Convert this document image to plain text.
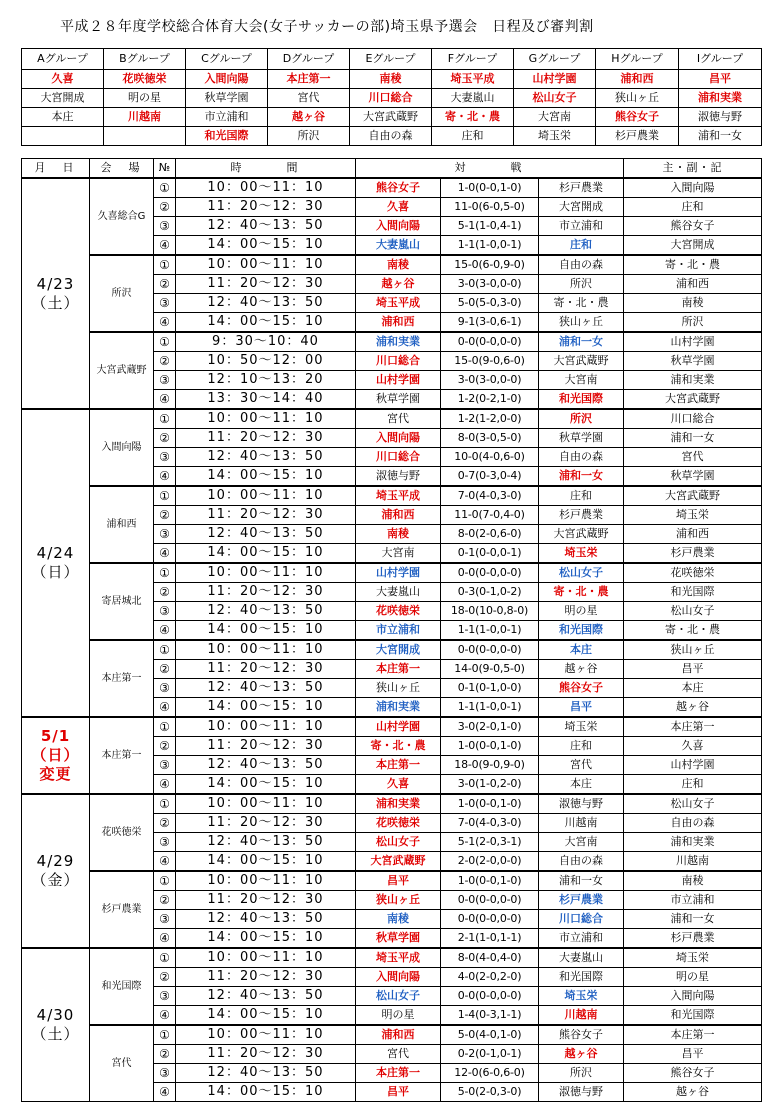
平成２８年度学校総合体育大会(女子サッカーの部)埼玉県予選会　日程及び審判割
Aグループ	Bグループ	Cグループ	Dグループ	Eグループ	Fグループ	Gグループ	Hグループ	Iグループ
久喜	花咲徳栄	入間向陽	本庄第一	南稜	埼玉平成	山村学園	浦和西	昌平
大宮開成	明の星	秋草学園	宮代	川口総合	大妻嵐山	松山女子	狭山ヶ丘	浦和実業
本庄	川越南	市立浦和	越ヶ谷	大宮武蔵野	寄・北・農	大宮南	熊谷女子	淑徳与野
		和光国際	所沢	自由の森	庄和	埼玉栄	杉戸農業	浦和一女
月　日	会　場	№	時　　　間	対　　　戦			主・副・記
4/23
（土）	久喜総合G	①	10：00～11：10	熊谷女子	1-0(0-0,1-0)	杉戸農業	入間向陽
		②	11：20～12：30	久喜	11-0(6-0,5-0)	大宮開成	庄和
		③	12：40～13：50	入間向陽	5-1(1-0,4-1)	市立浦和	熊谷女子
		④	14：00～15：10	大妻嵐山	1-1(1-0,0-1)	庄和	大宮開成
	所沢	①	10：00～11：10	南稜	15-0(6-0,9-0)	自由の森	寄・北・農
		②	11：20～12：30	越ヶ谷	3-0(3-0,0-0)	所沢	浦和西
		③	12：40～13：50	埼玉平成	5-0(5-0,3-0)	寄・北・農	南稜
		④	14：00～15：10	浦和西	9-1(3-0,6-1)	狭山ヶ丘	所沢
	大宮武蔵野	①	9：30～10：40	浦和実業	0-0(0-0,0-0)	浦和一女	山村学園
		②	10：50～12：00	川口総合	15-0(9-0,6-0)	大宮武蔵野	秋草学園
		③	12：10～13：20	山村学園	3-0(3-0,0-0)	大宮南	浦和実業
		④	13：30～14：40	秋草学園	1-2(0-2,1-0)	和光国際	大宮武蔵野
4/24
（日）	入間向陽	①	10：00～11：10	宮代	1-2(1-2,0-0)	所沢	川口総合
		②	11：20～12：30	入間向陽	8-0(3-0,5-0)	秋草学園	浦和一女
		③	12：40～13：50	川口総合	10-0(4-0,6-0)	自由の森	宮代
		④	14：00～15：10	淑徳与野	0-7(0-3,0-4)	浦和一女	秋草学園
	浦和西	①	10：00～11：10	埼玉平成	7-0(4-0,3-0)	庄和	大宮武蔵野
		②	11：20～12：30	浦和西	11-0(7-0,4-0)	杉戸農業	埼玉栄
		③	12：40～13：50	南稜	8-0(2-0,6-0)	大宮武蔵野	浦和西
		④	14：00～15：10	大宮南	0-1(0-0,0-1)	埼玉栄	杉戸農業
	寄居城北	①	10：00～11：10	山村学園	0-0(0-0,0-0)	松山女子	花咲徳栄
		②	11：20～12：30	大妻嵐山	0-3(0-1,0-2)	寄・北・農	和光国際
		③	12：40～13：50	花咲徳栄	18-0(10-0,8-0)	明の星	松山女子
		④	14：00～15：10	市立浦和	1-1(1-0,0-1)	和光国際	寄・北・農
	本庄第一	①	10：00～11：10	大宮開成	0-0(0-0,0-0)	本庄	狭山ヶ丘
		②	11：20～12：30	本庄第一	14-0(9-0,5-0)	越ヶ谷	昌平
		③	12：40～13：50	狭山ヶ丘	0-1(0-1,0-0)	熊谷女子	本庄
		④	14：00～15：10	浦和実業	1-1(1-0,0-1)	昌平	越ヶ谷
5/1
（日）
変更	本庄第一	①	10：00～11：10	山村学園	3-0(2-0,1-0)	埼玉栄	本庄第一
		②	11：20～12：30	寄・北・農	1-0(0-0,1-0)	庄和	久喜
		③	12：40～13：50	本庄第一	18-0(9-0,9-0)	宮代	山村学園
		④	14：00～15：10	久喜	3-0(1-0,2-0)	本庄	庄和
4/29
（金）	花咲徳栄	①	10：00～11：10	浦和実業	1-0(0-0,1-0)	淑徳与野	松山女子
		②	11：20～12：30	花咲徳栄	7-0(4-0,3-0)	川越南	自由の森
		③	12：40～13：50	松山女子	5-1(2-0,3-1)	大宮南	浦和実業
		④	14：00～15：10	大宮武蔵野	2-0(2-0,0-0)	自由の森	川越南
	杉戸農業	①	10：00～11：10	昌平	1-0(0-0,1-0)	浦和一女	南稜
		②	11：20～12：30	狭山ヶ丘	0-0(0-0,0-0)	杉戸農業	市立浦和
		③	12：40～13：50	南稜	0-0(0-0,0-0)	川口総合	浦和一女
		④	14：00～15：10	秋草学園	2-1(1-0,1-1)	市立浦和	杉戸農業
4/30
（土）	和光国際	①	10：00～11：10	埼玉平成	8-0(4-0,4-0)	大妻嵐山	埼玉栄
		②	11：20～12：30	入間向陽	4-0(2-0,2-0)	和光国際	明の星
		③	12：40～13：50	松山女子	0-0(0-0,0-0)	埼玉栄	入間向陽
		④	14：00～15：10	明の星	1-4(0-3,1-1)	川越南	和光国際
	宮代	①	10：00～11：10	浦和西	5-0(4-0,1-0)	熊谷女子	本庄第一
		②	11：20～12：30	宮代	0-2(0-1,0-1)	越ヶ谷	昌平
		③	12：40～13：50	本庄第一	12-0(6-0,6-0)	所沢	熊谷女子
		④	14：00～15：10	昌平	5-0(2-0,3-0)	淑徳与野	越ヶ谷
